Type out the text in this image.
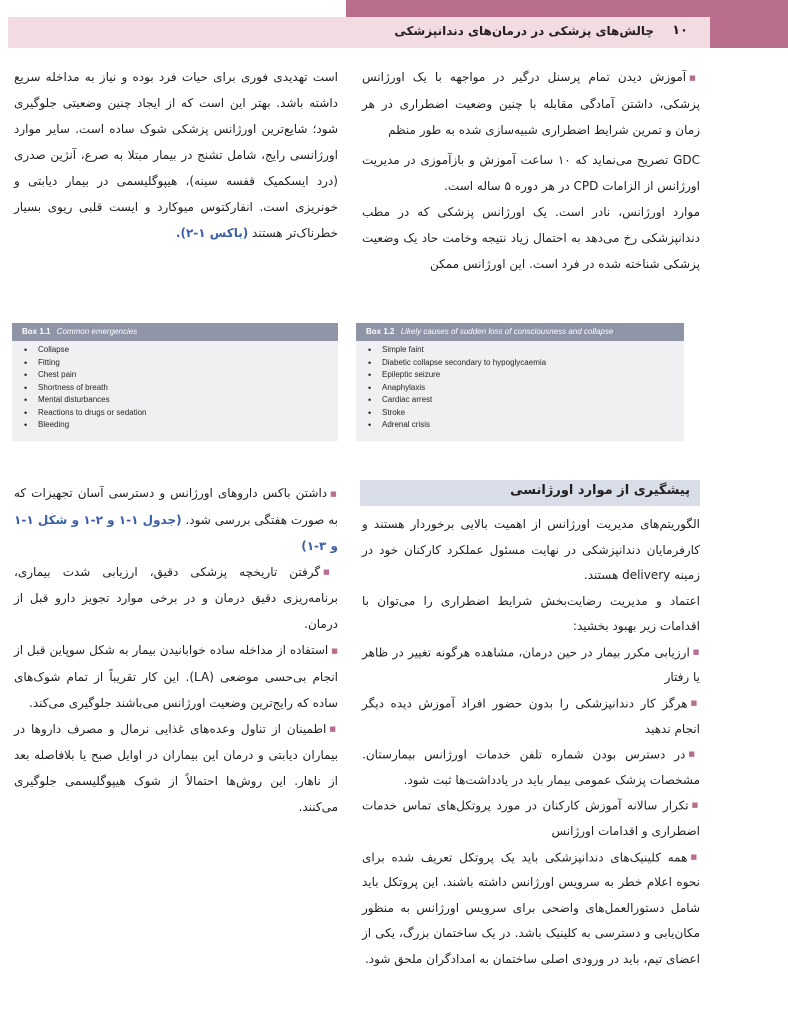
۱۰
چالش‌های پزشکی در درمان‌های دندانپزشکی

■ آموزش دیدن تمام پرسنل درگیر در مواجهه با یک اورژانس پزشکی، داشتن آمادگی مقابله با چنین وضعیت اضطراری در هر زمان و تمرین شرایط اضطراری شبیه‌سازی شده به طور منظم

GDC تصریح می‌نماید که ۱۰ ساعت آموزش و بازآموزی در مدیریت اورژانس از الزامات CPD در هر دوره ۵ ساله است.

موارد اورژانس، نادر است. یک اورژانس پزشکی که در مطب دندانپزشکی رخ می‌دهد به احتمال زیاد نتیجه وخامت حاد یک وضعیت پزشکی شناخته شده در فرد است. این اورژانس ممکن

است تهدیدی فوری برای حیات فرد بوده و نیاز به مداخله سریع داشته باشد. بهتر این است که از ایجاد چنین وضعیتی جلوگیری شود؛ شایع‌ترین اورژانس پزشکی شوک ساده است. سایر موارد اورژانسی رایج، شامل تشنج در بیمار مبتلا به صرع، آنژین صدری (درد ایسکمیک قفسه سینه)، هیپوگلیسمی در بیمار دیابتی و خونریزی است. انفارکتوس میوکارد و ایست قلبی ریوی بسیار خطرناک‌تر هستند (باکس ۱-۲).

Box 1.1 Common emergencies
• Collapse
• Fitting
• Chest pain
• Shortness of breath
• Mental disturbances
• Reactions to drugs or sedation
• Bleeding
Box 1.2 Likely causes of sudden loss of consciousness and collapse
• Simple faint
• Diabetic collapse secondary to hypoglycaemia
• Epileptic seizure
• Anaphylaxis
• Cardiac arrest
• Stroke
• Adrenal crisis
پیشگیری از موارد اورژانسی

الگوریتم‌های مدیریت اورژانس از اهمیت بالایی برخوردار هستند و کارفرمایان دندانپزشکی در نهایت مسئول عملکرد کارکنان خود در زمینه delivery هستند.

اعتماد و مدیریت رضایت‌بخش شرایط اضطراری را می‌توان با اقدامات زیر بهبود بخشید:

■ ارزیابی مکرر بیمار در حین درمان، مشاهده هرگونه تغییر در ظاهر یا رفتار

■ هرگز کار دندانپزشکی را بدون حضور افراد آموزش دیده دیگر انجام ندهید

■ در دسترس بودن شماره تلفن خدمات اورژانس بیمارستان. مشخصات پزشک عمومی بیمار باید در یادداشت‌ها ثبت شود.

■ تکرار سالانه آموزش کارکنان در مورد پروتکل‌های تماس خدمات اضطراری و اقدامات اورژانس

■ همه کلینیک‌های دندانپزشکی باید یک پروتکل تعریف شده برای نحوه اعلام خطر به سرویس اورژانس داشته باشند. این پروتکل باید شامل دستورالعمل‌های واضحی برای سرویس اورژانس به منظور مکان‌یابی و دسترسی به کلینیک باشد. در یک ساختمان بزرگ، یکی از اعضای تیم، باید در ورودی اصلی ساختمان به امدادگران ملحق شود.

■ داشتن باکس داروهای اورژانس و دسترسی آسان تجهیزات که به صورت هفتگی بررسی شود. (جدول ۱-۱ و ۲-۱ و شکل ۱-۱ و ۳-۱)

■ گرفتن تاریخچه پزشکی دقیق، ارزیابی شدت بیماری، برنامه‌ریزی دقیق درمان و در برخی موارد تجویز دارو قبل از درمان.

■ استفاده از مداخله ساده خوابانیدن بیمار به شکل سوپاین قبل از انجام بی‌حسی موضعی (LA). این کار تقریباً از تمام شوک‌های ساده که رایج‌ترین وضعیت اورژانس می‌باشند جلوگیری می‌کند.

■ اطمینان از تناول وعده‌های غذایی نرمال و مصرف داروها در بیماران دیابتی و درمان این بیماران در اوایل صبح یا بلافاصله بعد از ناهار. این روش‌ها احتمالاً از شوک هیپوگلیسمی جلوگیری می‌کنند.
